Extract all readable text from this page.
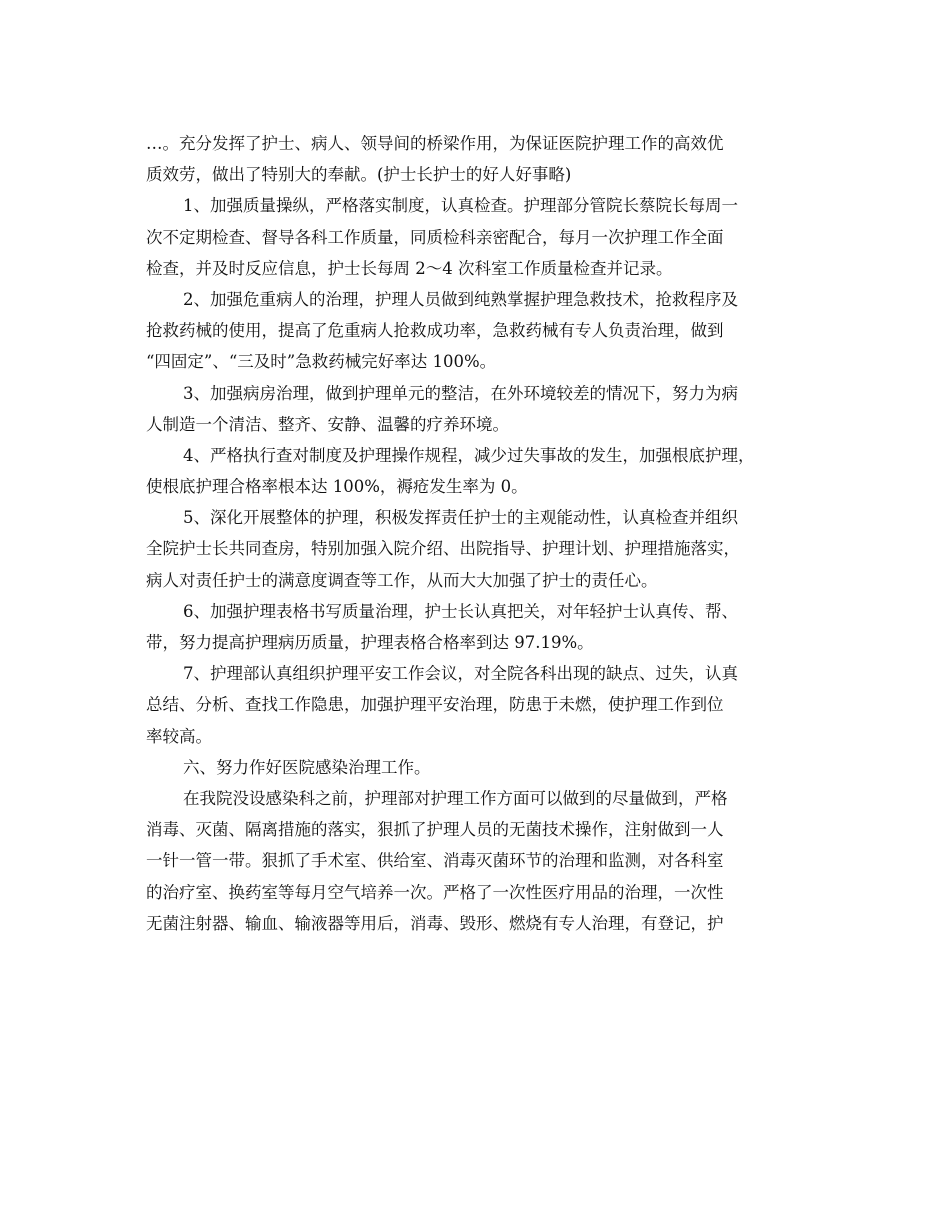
…。充分发挥了护士、病人、领导间的桥梁作用，为保证医院护理工作的高效优
质效劳，做出了特别大的奉献。(护士长护士的好人好事略)
1、加强质量操纵，严格落实制度，认真检查。护理部分管院长蔡院长每周一
次不定期检查、督导各科工作质量，同质检科亲密配合，每月一次护理工作全面
检查，并及时反应信息，护士长每周 2～4 次科室工作质量检查并记录。
2、加强危重病人的治理，护理人员做到纯熟掌握护理急救技术，抢救程序及
抢救药械的使用，提高了危重病人抢救成功率，急救药械有专人负责治理，做到
“四固定”、“三及时”急救药械完好率达 100%。
3、加强病房治理，做到护理单元的整洁，在外环境较差的情况下，努力为病
人制造一个清洁、整齐、安静、温馨的疗养环境。
4、严格执行查对制度及护理操作规程，减少过失事故的发生，加强根底护理，
使根底护理合格率根本达 100%，褥疮发生率为 0。
5、深化开展整体的护理，积极发挥责任护士的主观能动性，认真检查并组织
全院护士长共同查房，特别加强入院介绍、出院指导、护理计划、护理措施落实，
病人对责任护士的满意度调查等工作，从而大大加强了护士的责任心。
6、加强护理表格书写质量治理，护士长认真把关，对年轻护士认真传、帮、
带，努力提高护理病历质量，护理表格合格率到达 97.19%。
7、护理部认真组织护理平安工作会议，对全院各科出现的缺点、过失，认真
总结、分析、查找工作隐患，加强护理平安治理，防患于未燃，使护理工作到位
率较高。
六、努力作好医院感染治理工作。
在我院没设感染科之前，护理部对护理工作方面可以做到的尽量做到，严格
消毒、灭菌、隔离措施的落实，狠抓了护理人员的无菌技术操作，注射做到一人
一针一管一带。狠抓了手术室、供给室、消毒灭菌环节的治理和监测，对各科室
的治疗室、换药室等每月空气培养一次。严格了一次性医疗用品的治理，一次性
无菌注射器、输血、输液器等用后，消毒、毁形、燃烧有专人治理，有登记，护
